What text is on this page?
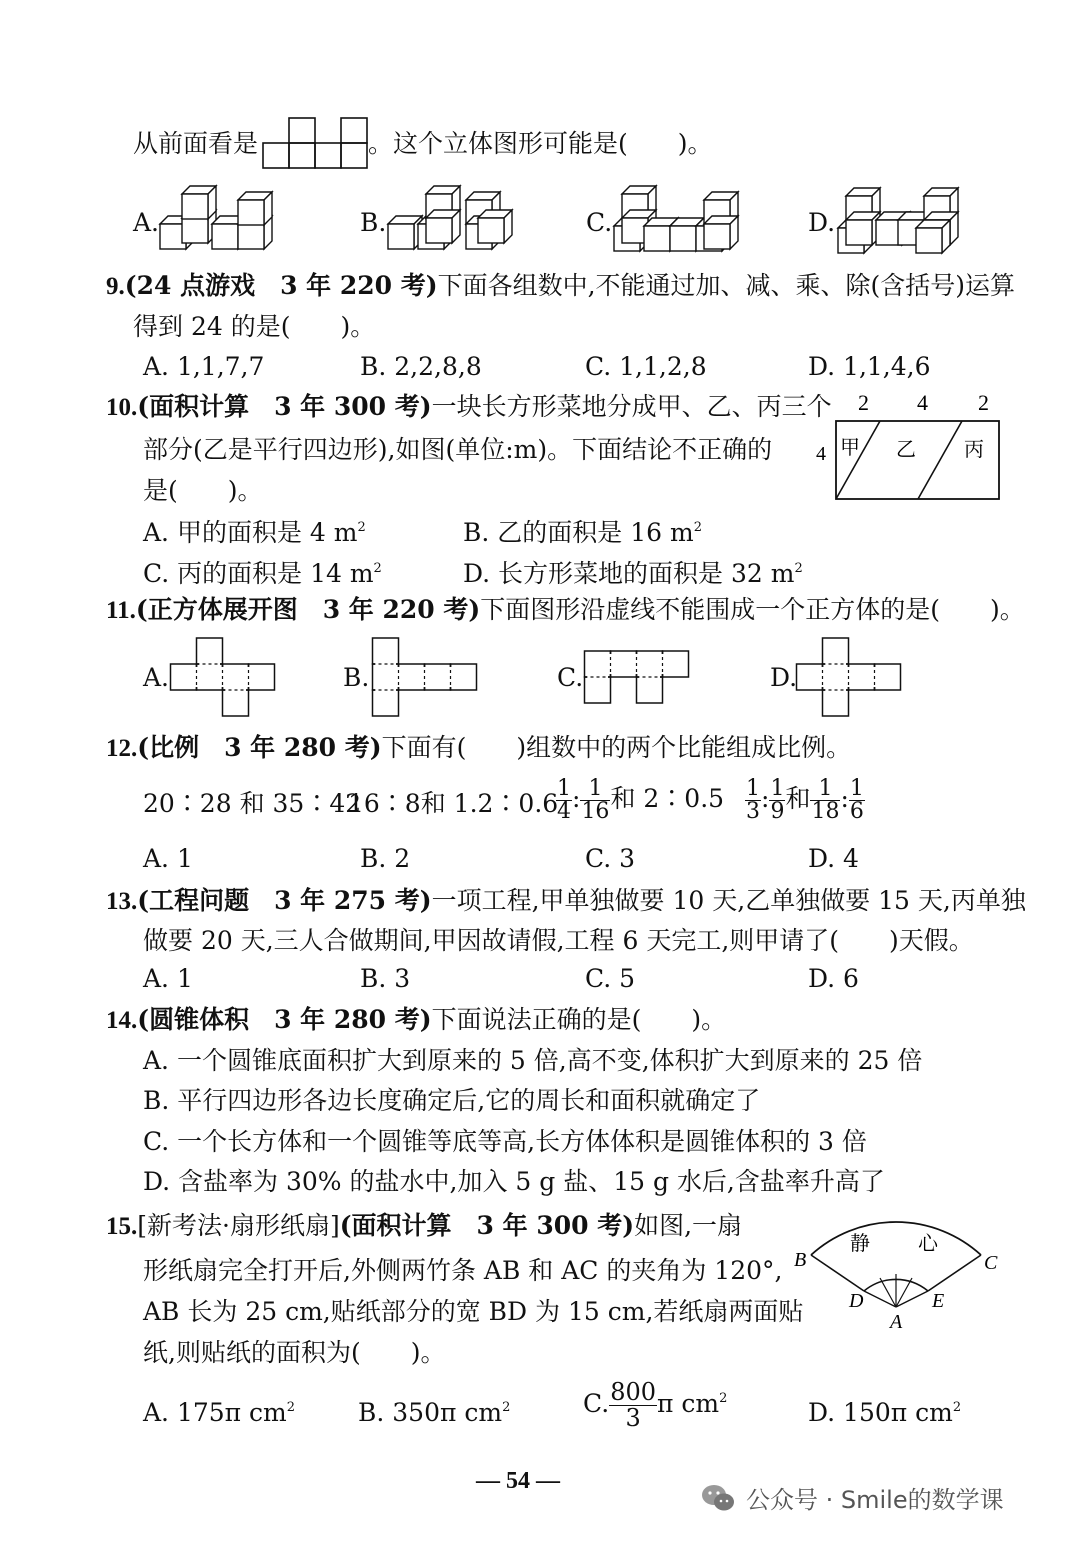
从前面看是	。这个立体图形可能是(　　)。
A.	B.	C.	D.
9.(24 点游戏　3 年 220 考)下面各组数中,不能通过加、减、乘、除(含括号)运算
得到 24 的是(　　)。
A. 1,1,7,7	B. 2,2,8,8	C. 1,1,2,8	D. 1,1,4,6
10.(面积计算　3 年 300 考)一块长方形菜地分成甲、乙、丙三个
部分(乙是平行四边形),如图(单位:m)。下面结论不正确的
是(　　)。
A. 甲的面积是 4 $m^2$	B. 乙的面积是 16 $m^2$
C. 丙的面积是 14 $m^2$	D. 长方形菜地的面积是 32 $m^2$
2 4 2
4 甲 乙 丙
11.(正方体展开图　3 年 220 考)下面图形沿虚线不能围成一个正方体的是(　　)。
A.	B.	C.	D.
12.(比例　3 年 280 考)下面有(　　)组数中的两个比能组成比例。
20∶28 和 35∶42
16∶8和 1.2∶0.6
$\frac{1}{4}$ : $\frac{1}{16}$ 和 2∶0.5 $\frac{1}{3}$ : $\frac{1}{9}$ 和 $\frac{1}{18}$ : $\frac{1}{6}$
A. 1	B. 2	C. 3	D. 4
13.(工程问题　3 年 275 考)一项工程,甲单独做要 10 天,乙单独做要 15 天,丙单独
做要 20 天,三人合做期间,甲因故请假,工程 6 天完工,则甲请了(　　)天假。
A. 1	B. 3	C. 5	D. 6
14.(圆锥体积　3 年 280 考)下面说法正确的是(　　)。
A. 一个圆锥底面积扩大到原来的 5 倍,高不变,体积扩大到原来的 25 倍
B. 平行四边形各边长度确定后,它的周长和面积就确定了
C. 一个长方体和一个圆锥等底等高,长方体体积是圆锥体积的 3 倍
D. 含盐率为 30% 的盐水中,加入 5 g 盐、15 g 水后,含盐率升高了
15.[新考法·扇形纸扇](面积计算　3 年 300 考)如图,一扇
形纸扇完全打开后,外侧两竹条 AB 和 AC 的夹角为 120°,
AB 长为 25 cm,贴纸部分的宽 BD 为 15 cm,若纸扇两面贴
纸,则贴纸的面积为(　　)。
静 心
B	C
D	E
A
A. 175π $cm^2$	B. 350π $cm^2$	C. $\frac{800}{3}$ π $cm^2$	D. 150π $cm^2$
— 54 —
公众号 · Smile的数学课
